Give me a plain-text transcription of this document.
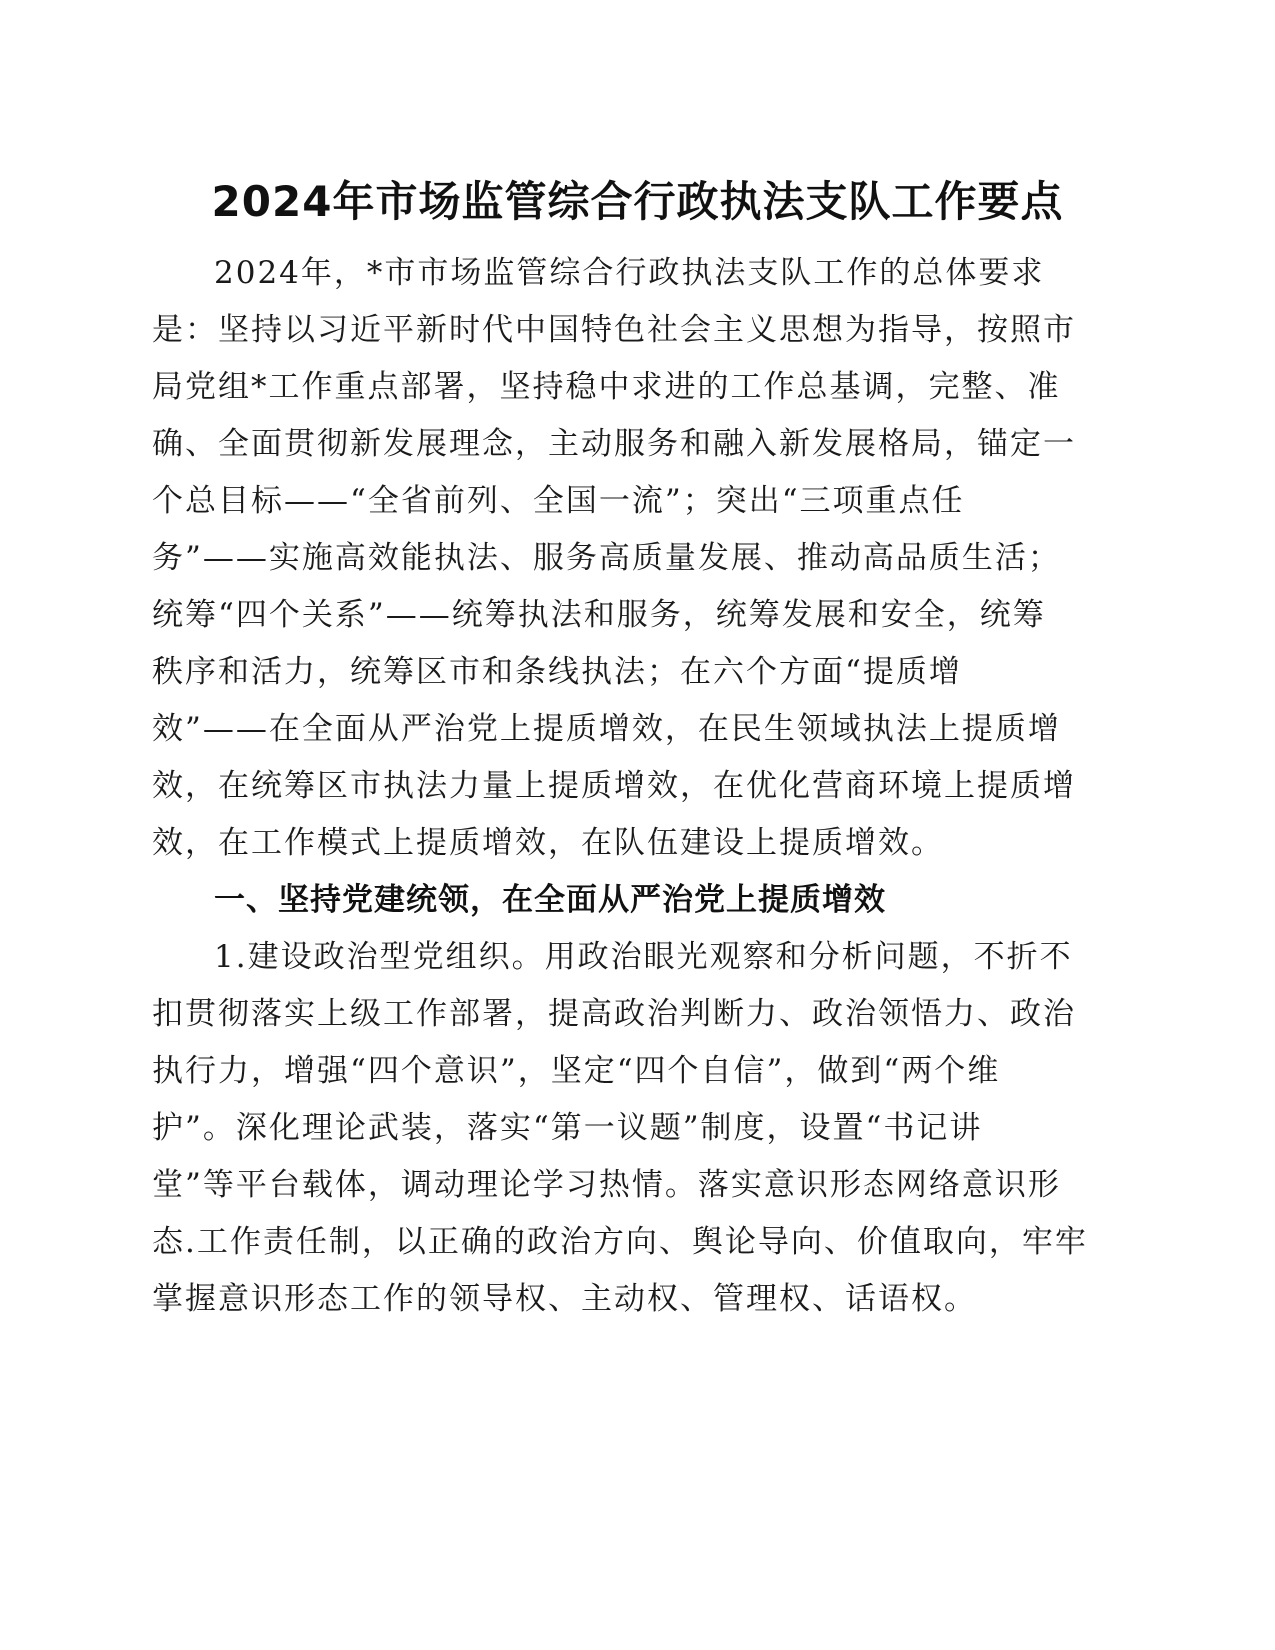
2024年市场监管综合行政执法支队工作要点
2024年，*市市场监管综合行政执法支队工作的总体要求
是：坚持以习近平新时代中国特色社会主义思想为指导，按照市
局党组*工作重点部署，坚持稳中求进的工作总基调，完整、准
确、全面贯彻新发展理念，主动服务和融入新发展格局，锚定一
个总目标——“全省前列、全国一流”；突出“三项重点任
务”——实施高效能执法、服务高质量发展、推动高品质生活；
统筹“四个关系”——统筹执法和服务，统筹发展和安全，统筹
秩序和活力，统筹区市和条线执法；在六个方面“提质增
效”——在全面从严治党上提质增效，在民生领域执法上提质增
效，在统筹区市执法力量上提质增效，在优化营商环境上提质增
效，在工作模式上提质增效，在队伍建设上提质增效。
一、坚持党建统领，在全面从严治党上提质增效
1.建设政治型党组织。用政治眼光观察和分析问题，不折不
扣贯彻落实上级工作部署，提高政治判断力、政治领悟力、政治
执行力，增强“四个意识”，坚定“四个自信”，做到“两个维
护”。深化理论武装，落实“第一议题”制度，设置“书记讲
堂”等平台载体，调动理论学习热情。落实意识形态网络意识形
态.工作责任制，以正确的政治方向、舆论导向、价值取向，牢牢
掌握意识形态工作的领导权、主动权、管理权、话语权。
